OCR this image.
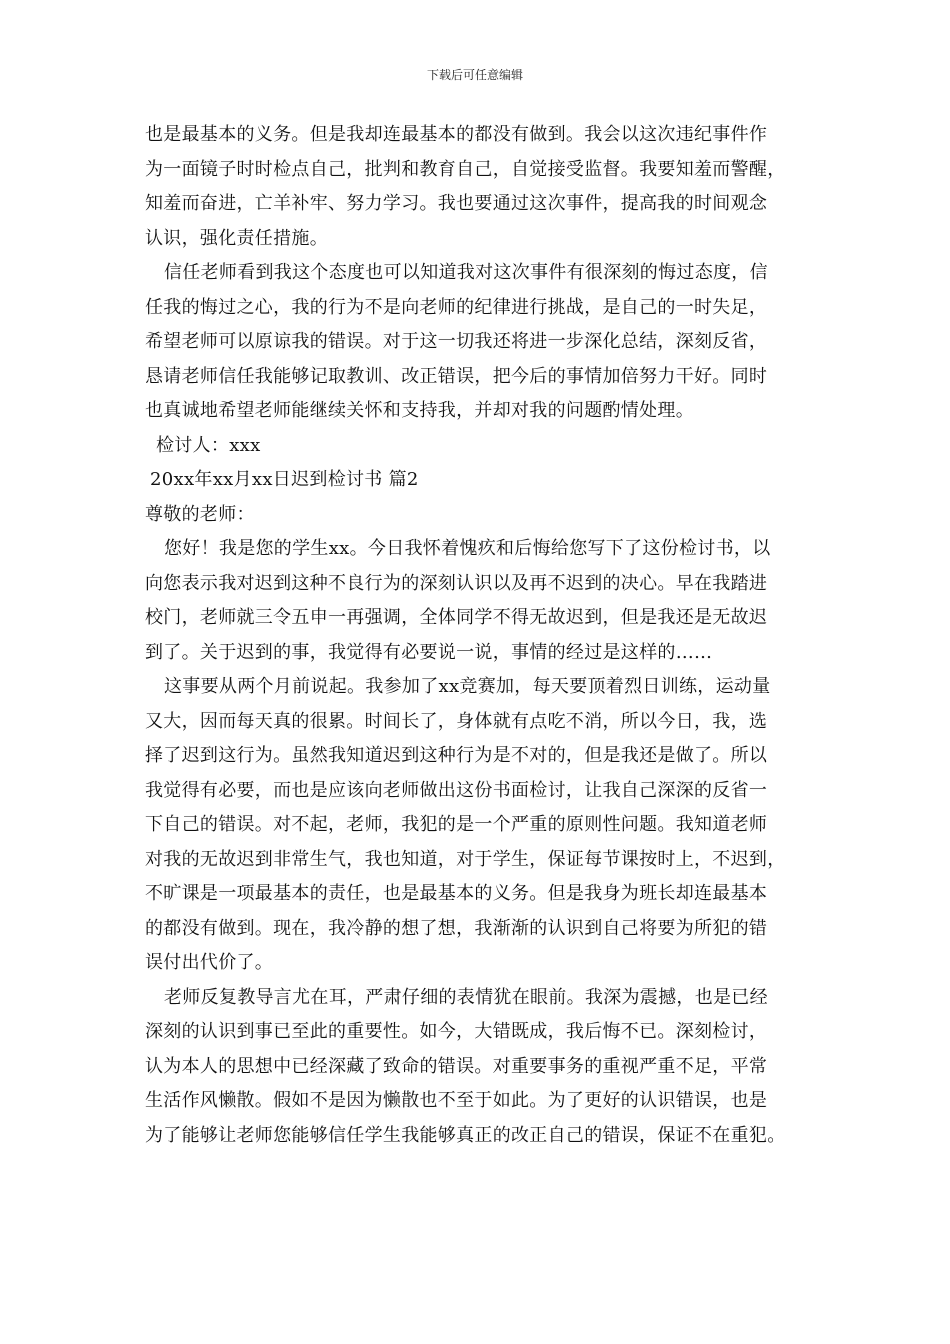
下载后可任意编辑
也是最基本的义务。但是我却连最基本的都没有做到。我会以这次违纪事件作
为一面镜子时时检点自己，批判和教育自己，自觉接受监督。我要知羞而警醒，
知羞而奋进，亡羊补牢、努力学习。我也要通过这次事件，提高我的时间观念
认识，强化责任措施。
信任老师看到我这个态度也可以知道我对这次事件有很深刻的悔过态度，信
任我的悔过之心，我的行为不是向老师的纪律进行挑战，是自己的一时失足，
希望老师可以原谅我的错误。对于这一切我还将进一步深化总结，深刻反省，
恳请老师信任我能够记取教训、改正错误，把今后的事情加倍努力干好。同时
也真诚地希望老师能继续关怀和支持我，并却对我的问题酌情处理。
检讨人：xxx
20xx年xx月xx日迟到检讨书 篇2
尊敬的老师：
您好！我是您的学生xx。今日我怀着愧疚和后悔给您写下了这份检讨书，以
向您表示我对迟到这种不良行为的深刻认识以及再不迟到的决心。早在我踏进
校门，老师就三令五申一再强调，全体同学不得无故迟到，但是我还是无故迟
到了。关于迟到的事，我觉得有必要说一说，事情的经过是这样的……
这事要从两个月前说起。我参加了xx竞赛加，每天要顶着烈日训练，运动量
又大，因而每天真的很累。时间长了，身体就有点吃不消，所以今日，我，选
择了迟到这行为。虽然我知道迟到这种行为是不对的，但是我还是做了。所以
我觉得有必要，而也是应该向老师做出这份书面检讨，让我自己深深的反省一
下自己的错误。对不起，老师，我犯的是一个严重的原则性问题。我知道老师
对我的无故迟到非常生气，我也知道，对于学生，保证每节课按时上，不迟到，
不旷课是一项最基本的责任，也是最基本的义务。但是我身为班长却连最基本
的都没有做到。现在，我冷静的想了想，我渐渐的认识到自己将要为所犯的错
误付出代价了。
老师反复教导言尤在耳，严肃仔细的表情犹在眼前。我深为震撼，也是已经
深刻的认识到事已至此的重要性。如今，大错既成，我后悔不已。深刻检讨，
认为本人的思想中已经深藏了致命的错误。对重要事务的重视严重不足，平常
生活作风懒散。假如不是因为懒散也不至于如此。为了更好的认识错误，也是
为了能够让老师您能够信任学生我能够真正的改正自己的错误，保证不在重犯。
